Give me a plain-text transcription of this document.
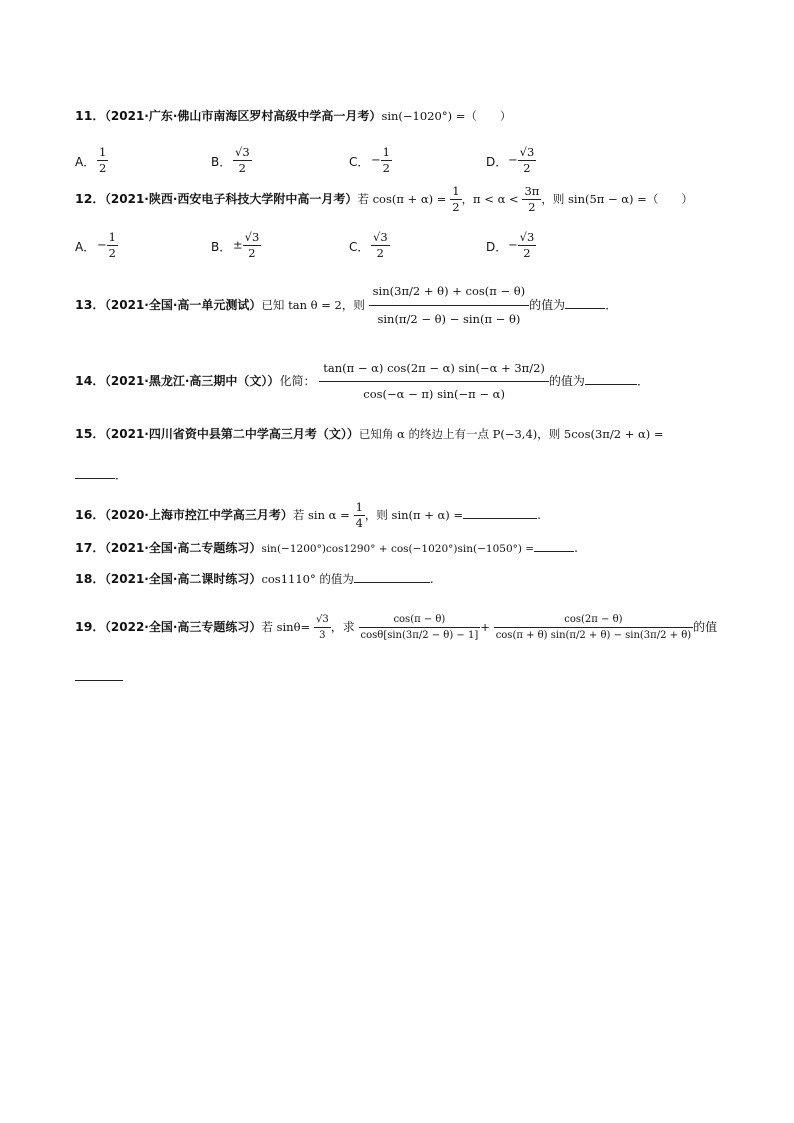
11．（2021·广东·佛山市南海区罗村高级中学高一月考）sin(−1020°) =（　　）
A． $\frac{1}{2}$	B． $\frac{√3}{2}$	C． − $\frac{1}{2}$	D． − $\frac{√3}{2}$
12．（2021·陕西·西安电子科技大学附中高一月考）若 $\cos(\pi + \alpha) = \frac{1}{2}$ ，$\pi < \alpha < \frac{3\pi}{2}$ ，则 sin(5π − α) =（　　）
A． − $\frac{1}{2}$	B． ± $\frac{√3}{2}$	C． $\frac{√3}{2}$	D． − $\frac{√3}{2}$
13．（2021·全国·高一单元测试）已知 tan θ = 2，则 $\frac{\sin(3\pi/2 + \theta) + \cos(\pi - \theta)}{\sin(\pi/2 - \theta) - \sin(\pi - \theta)}$ 的值为	．
14．（2021·黑龙江·高三期中（文））化简： $\frac{\tan(\pi - \alpha) \cos(2\pi - \alpha) \sin(-\alpha + 3\pi/2)}{\cos(-\alpha - \pi) \sin(-\pi - \alpha)}$ 的值为	．
15．（2021·四川省资中县第二中学高三月考（文））已知角 α 的终边上有一点 P(−3,4)，则 5cos(3π/2 + α) =
．
16．（2020·上海市控江中学高三月考）若 $\sin \alpha = \frac{1}{4}$ ，则 sin(π + α) =	.
17．（2021·全国·高二专题练习）sin(−1200°)cos1290° + cos(−1020°)sin(−1050°) =	.
18．（2021·全国·高二课时练习）cos1110° 的值为	.
19．（2022·全国·高三专题练习）若 $\sin\theta= \frac{√3}{3}$ ，求 $\frac{\cos(\pi - \theta)}{\cos\theta[\sin(3\pi/2 - \theta) - 1]} + \frac{\cos(2\pi - \theta)}{\cos(\pi + \theta) \sin(\pi/2 + \theta) - \sin(3\pi/2 + \theta)}$ 的值
